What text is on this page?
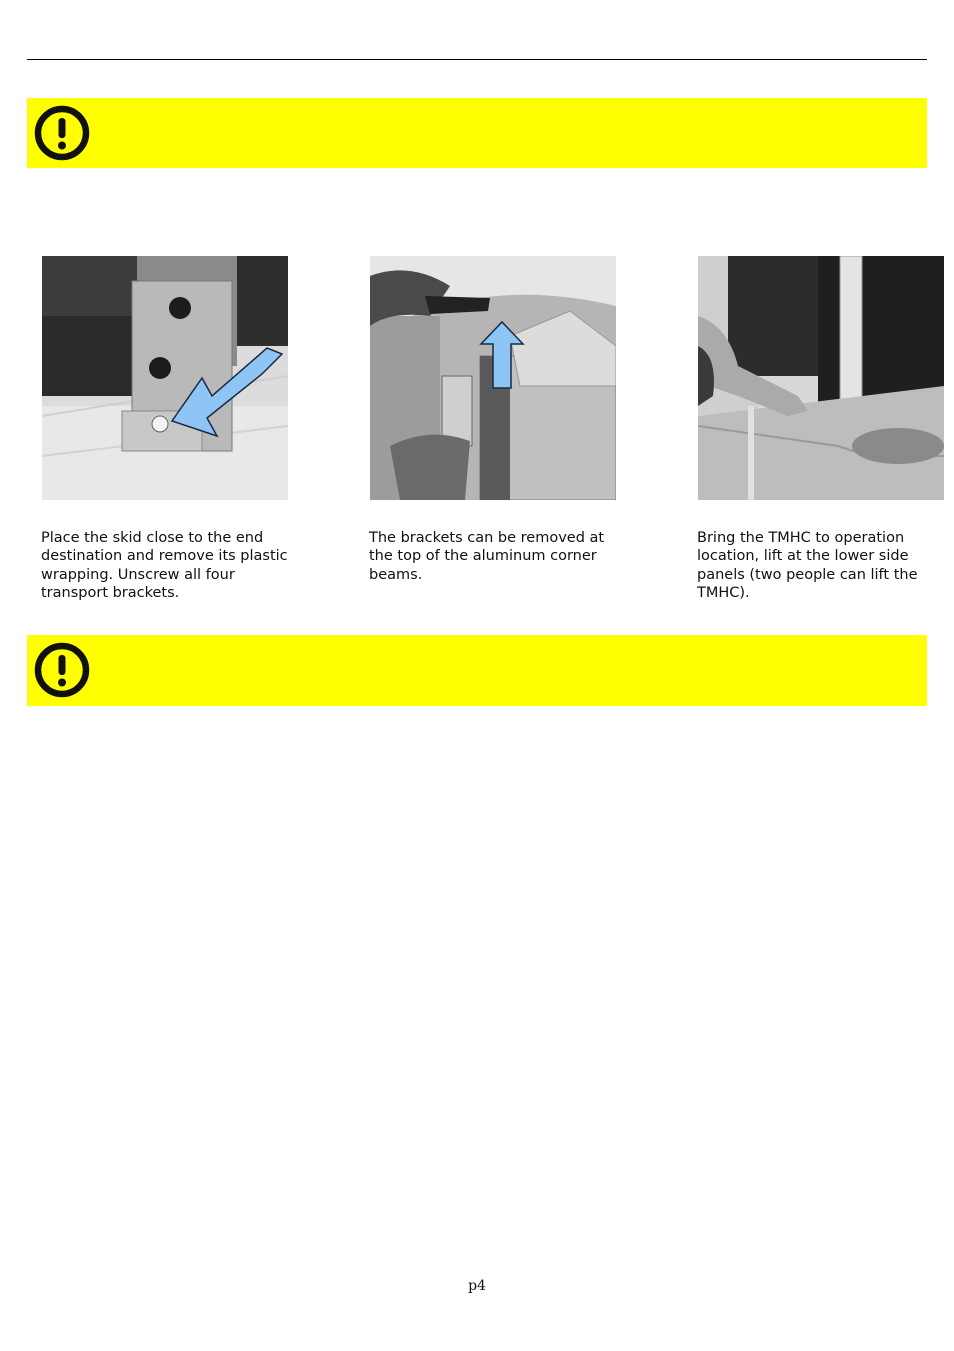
Place the skid close to the end destination and remove its plastic wrapping. Unscrew all four transport brackets.
The brackets can be removed at the top of the aluminum corner beams.
Bring the TMHC to operation location, lift at the lower side panels (two people can lift the TMHC).
p4
